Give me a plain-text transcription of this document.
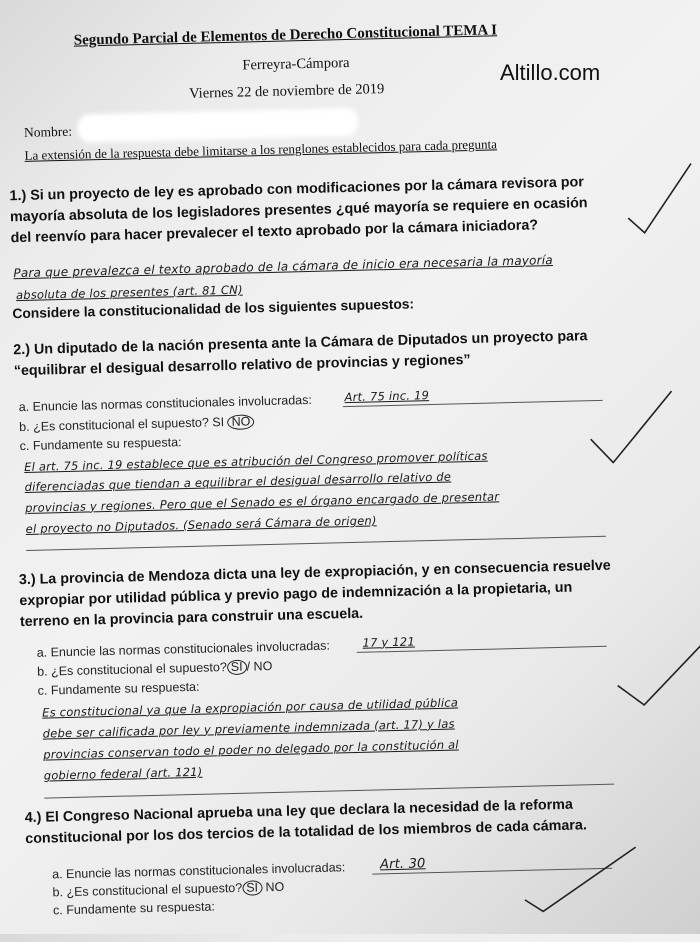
Altillo.com
Segundo Parcial de Elementos de Derecho Constitucional TEMA I
Ferreyra-Cámpora
Viernes 22 de noviembre de 2019
Nombre:
La extensión de la respuesta debe limitarse a los renglones establecidos para cada pregunta
1.) Si un proyecto de ley es aprobado con modificaciones por la cámara revisora por mayoría absoluta de los legisladores presentes ¿qué mayoría se requiere en ocasión del reenvío para hacer prevalecer el texto aprobado por la cámara iniciadora?
Para que prevalezca el texto aprobado de la cámara de inicio era necesaria la mayoría
absoluta de los presentes (art. 81 CN)
Considere la constitucionalidad de los siguientes supuestos:
2.) Un diputado de la nación presenta ante la Cámara de Diputados un proyecto para “equilibrar el desigual desarrollo relativo de provincias y regiones”
a. Enuncie las normas constitucionales involucradas:	Art. 75 inc. 19
b. ¿Es constitucional el supuesto? SI NO
c. Fundamente su respuesta:
El art. 75 inc. 19 establece que es atribución del Congreso promover políticas
diferenciadas que tiendan a equilibrar el desigual desarrollo relativo de
provincias y regiones. Pero que el Senado es el órgano encargado de presentar
el proyecto no Diputados. (Senado será Cámara de origen)
3.) La provincia de Mendoza dicta una ley de expropiación, y en consecuencia resuelve expropiar por utilidad pública y previo pago de indemnización a la propietaria, un terreno en la provincia para construir una escuela.
a. Enuncie las normas constitucionales involucradas:	17 y 121
b. ¿Es constitucional el supuesto? SI / NO
c. Fundamente su respuesta:
Es constitucional ya que la expropiación por causa de utilidad pública
debe ser calificada por ley y previamente indemnizada (art. 17) y las
provincias conservan todo el poder no delegado por la constitución al
gobierno federal (art. 121)
4.) El Congreso Nacional aprueba una ley que declara la necesidad de la reforma constitucional por los dos tercios de la totalidad de los miembros de cada cámara.
a. Enuncie las normas constitucionales involucradas:	Art. 30
b. ¿Es constitucional el supuesto? SI NO
c. Fundamente su respuesta:
